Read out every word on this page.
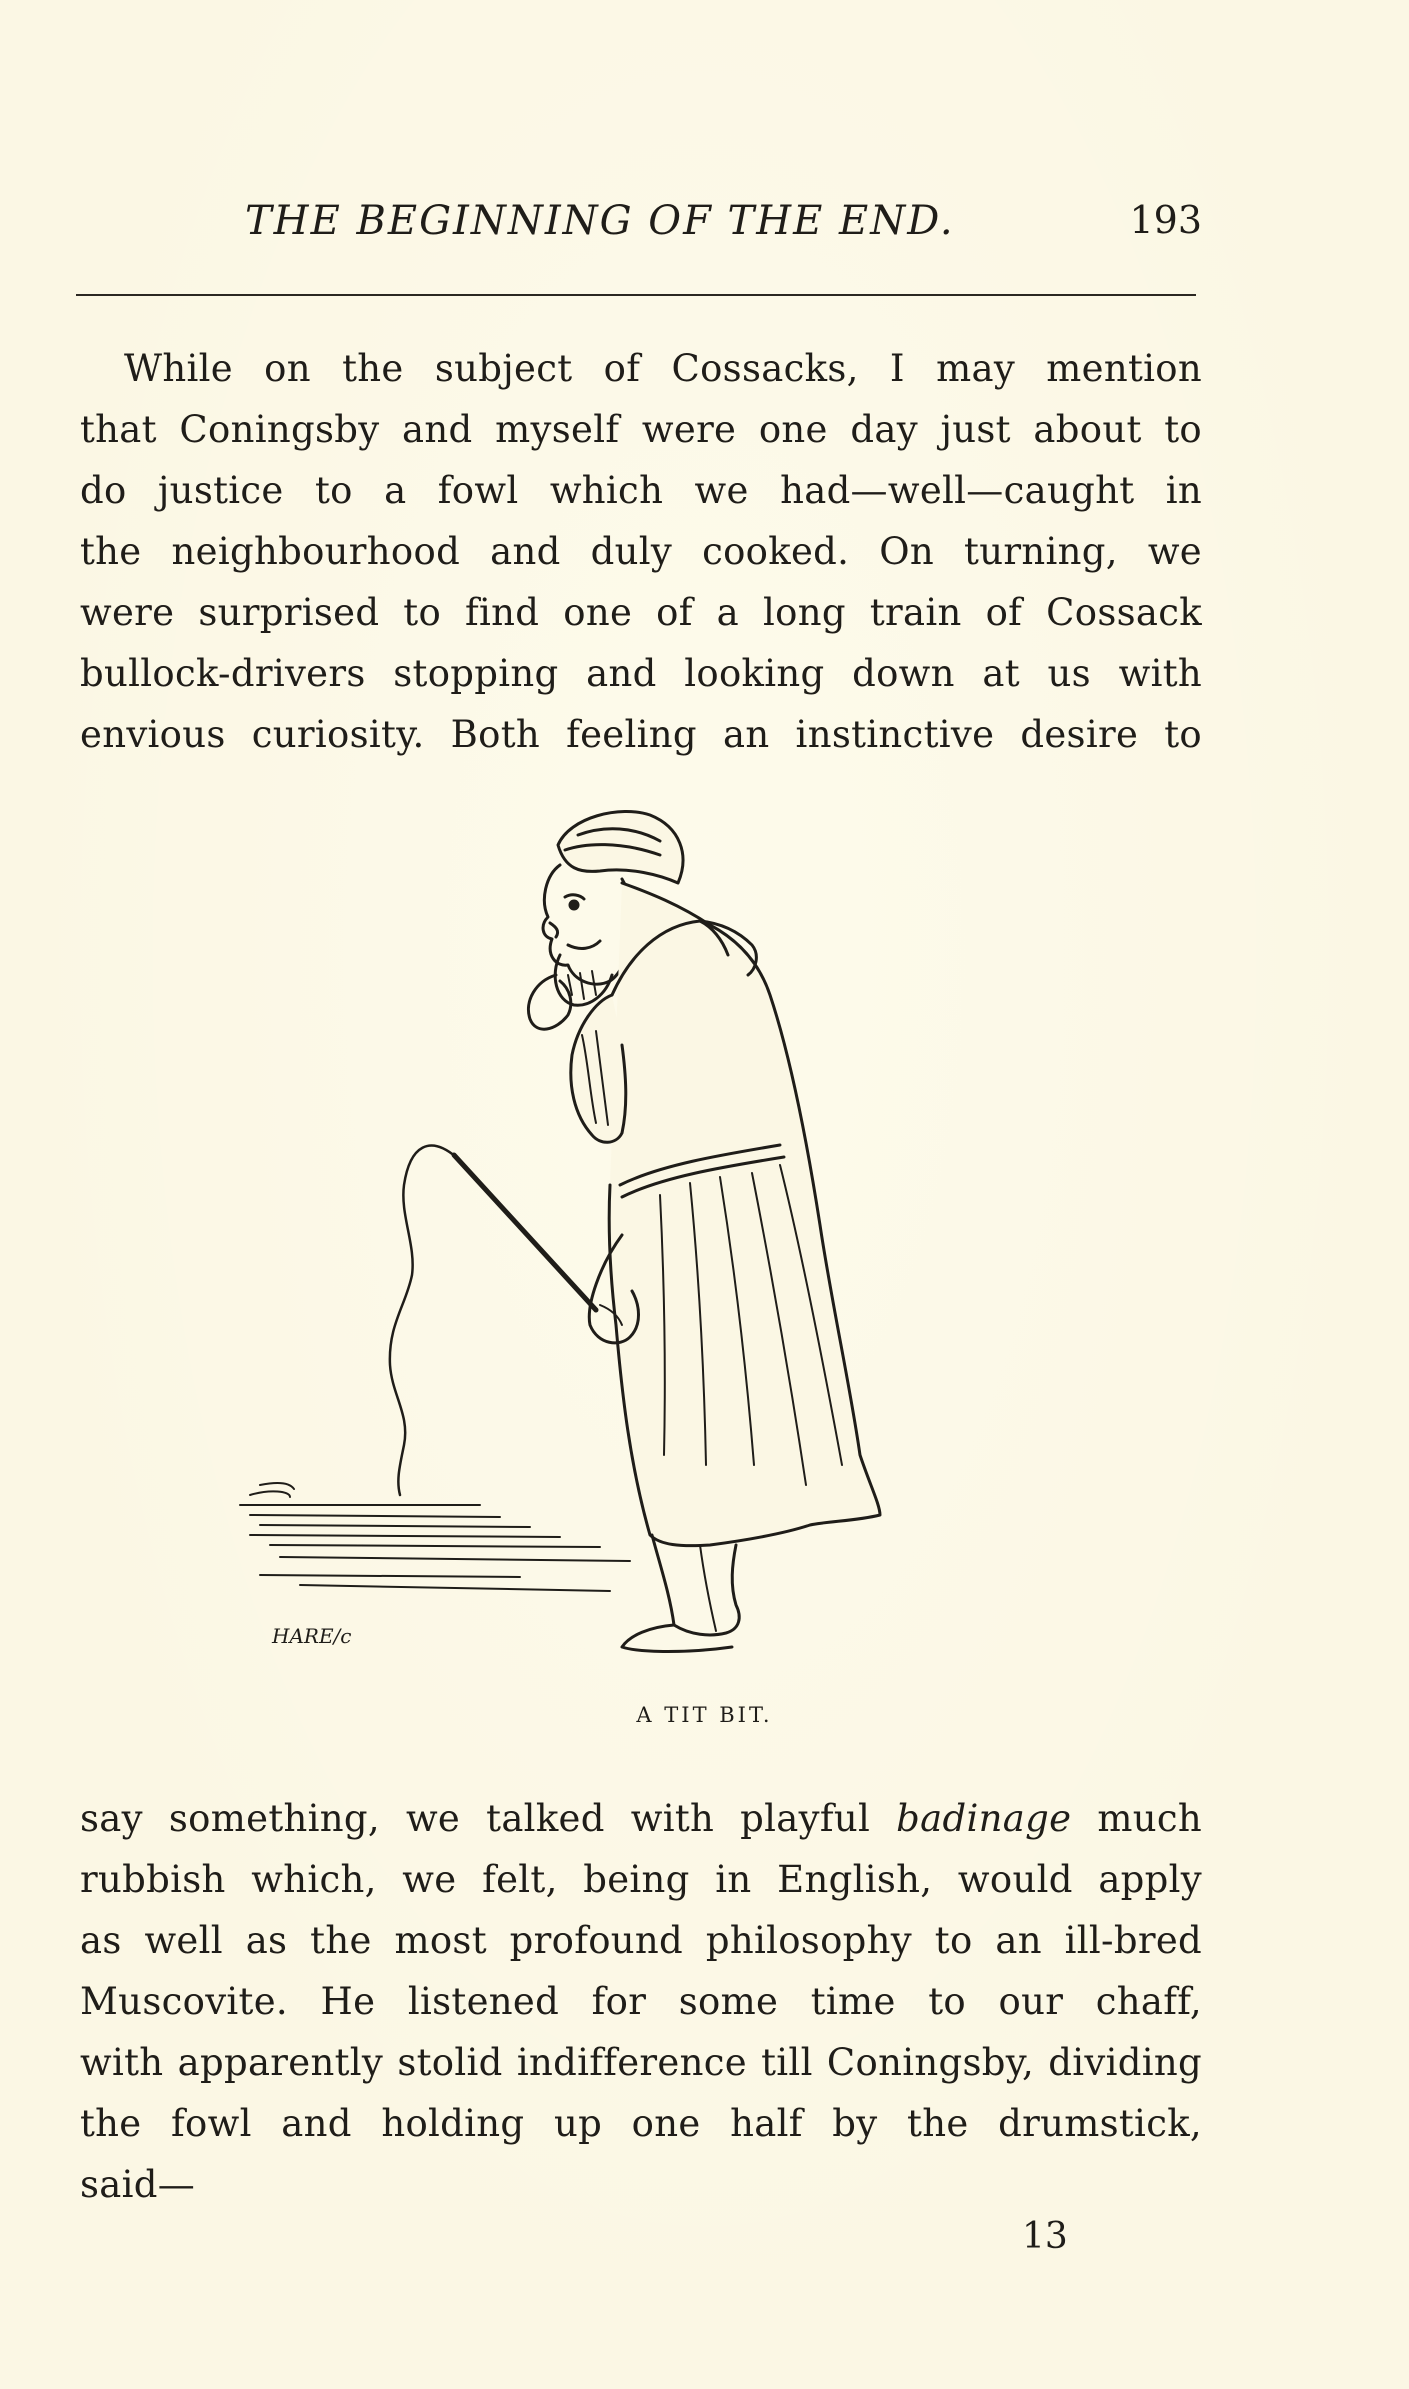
THE BEGINNING OF THE END.	193
While on the subject of Cossacks, I may mention
that Coningsby and myself were one day just about to
do justice to a fowl which we had—well—caught in
the neighbourhood and duly cooked. On turning, we
were surprised to find one of a long train of Cossack
bullock-drivers stopping and looking down at us with
envious curiosity. Both feeling an instinctive desire to
HARE/c
A TIT BIT.
say something, we talked with playful badinage much
rubbish which, we felt, being in English, would apply
as well as the most profound philosophy to an ill-bred
Muscovite. He listened for some time to our chaff,
with apparently stolid indifference till Coningsby, dividing
the fowl and holding up one half by the drumstick,
said—
13
